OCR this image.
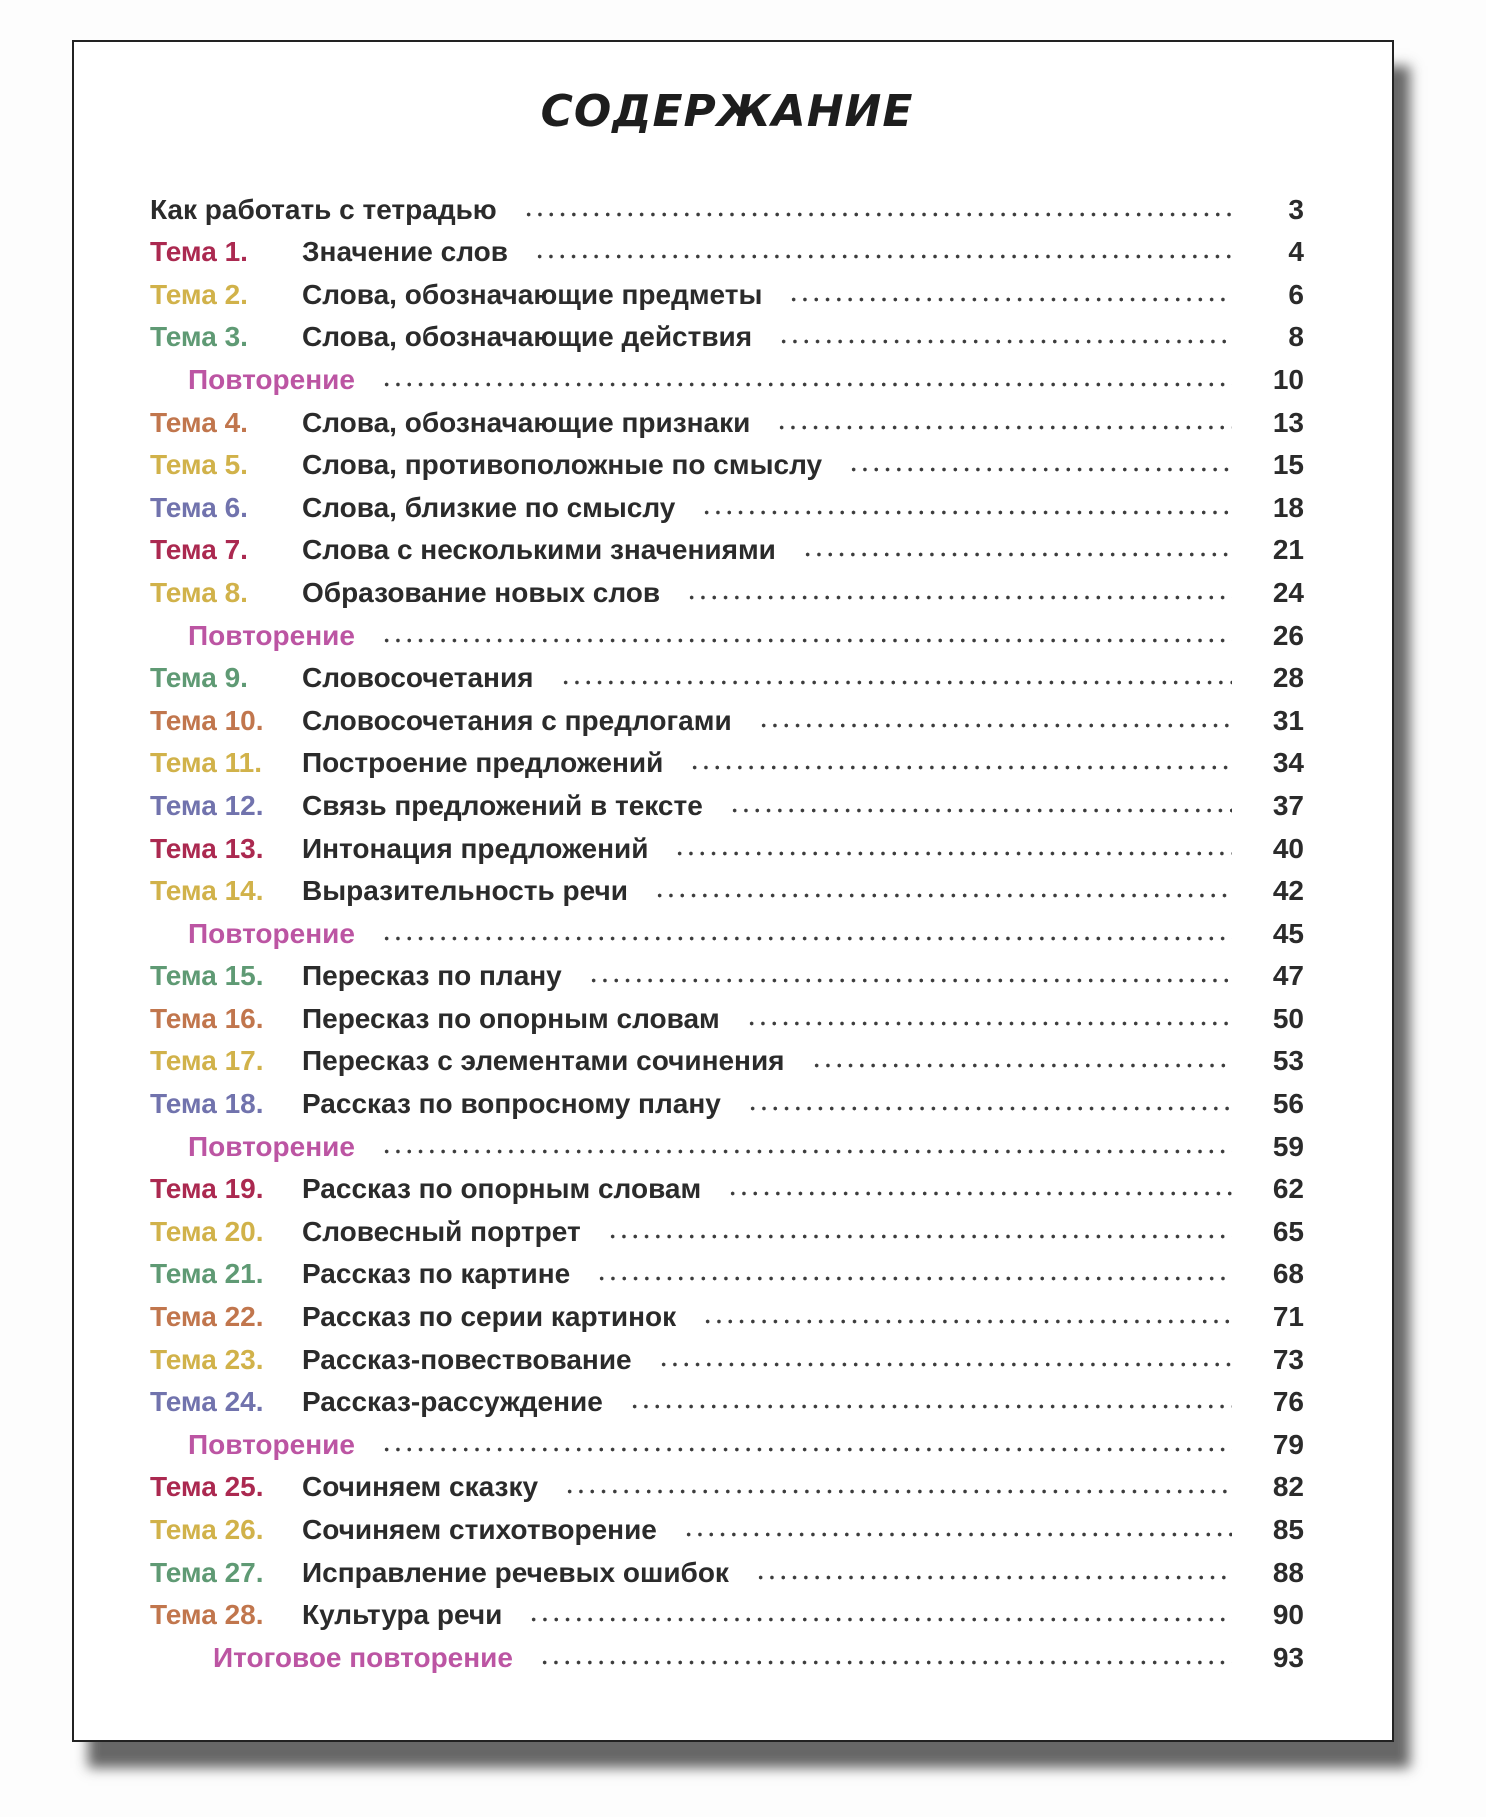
СОДЕРЖАНИЕ
Как работать с тетрадью	3
Тема 1.	Значение слов	4
Тема 2.	Слова, обозначающие предметы	6
Тема 3.	Слова, обозначающие действия	8
Повторение	10
Тема 4.	Слова, обозначающие признаки	13
Тема 5.	Слова, противоположные по смыслу	15
Тема 6.	Слова, близкие по смыслу	18
Тема 7.	Слова с несколькими значениями	21
Тема 8.	Образование новых слов	24
Повторение	26
Тема 9.	Словосочетания	28
Тема 10.	Словосочетания с предлогами	31
Тема 11.	Построение предложений	34
Тема 12.	Связь предложений в тексте	37
Тема 13.	Интонация предложений	40
Тема 14.	Выразительность речи	42
Повторение	45
Тема 15.	Пересказ по плану	47
Тема 16.	Пересказ по опорным словам	50
Тема 17.	Пересказ с элементами сочинения	53
Тема 18.	Рассказ по вопросному плану	56
Повторение	59
Тема 19.	Рассказ по опорным словам	62
Тема 20.	Словесный портрет	65
Тема 21.	Рассказ по картине	68
Тема 22.	Рассказ по серии картинок	71
Тема 23.	Рассказ-повествование	73
Тема 24.	Рассказ-рассуждение	76
Повторение	79
Тема 25.	Сочиняем сказку	82
Тема 26.	Сочиняем стихотворение	85
Тема 27.	Исправление речевых ошибок	88
Тема 28.	Культура речи	90
Итоговое повторение	93
